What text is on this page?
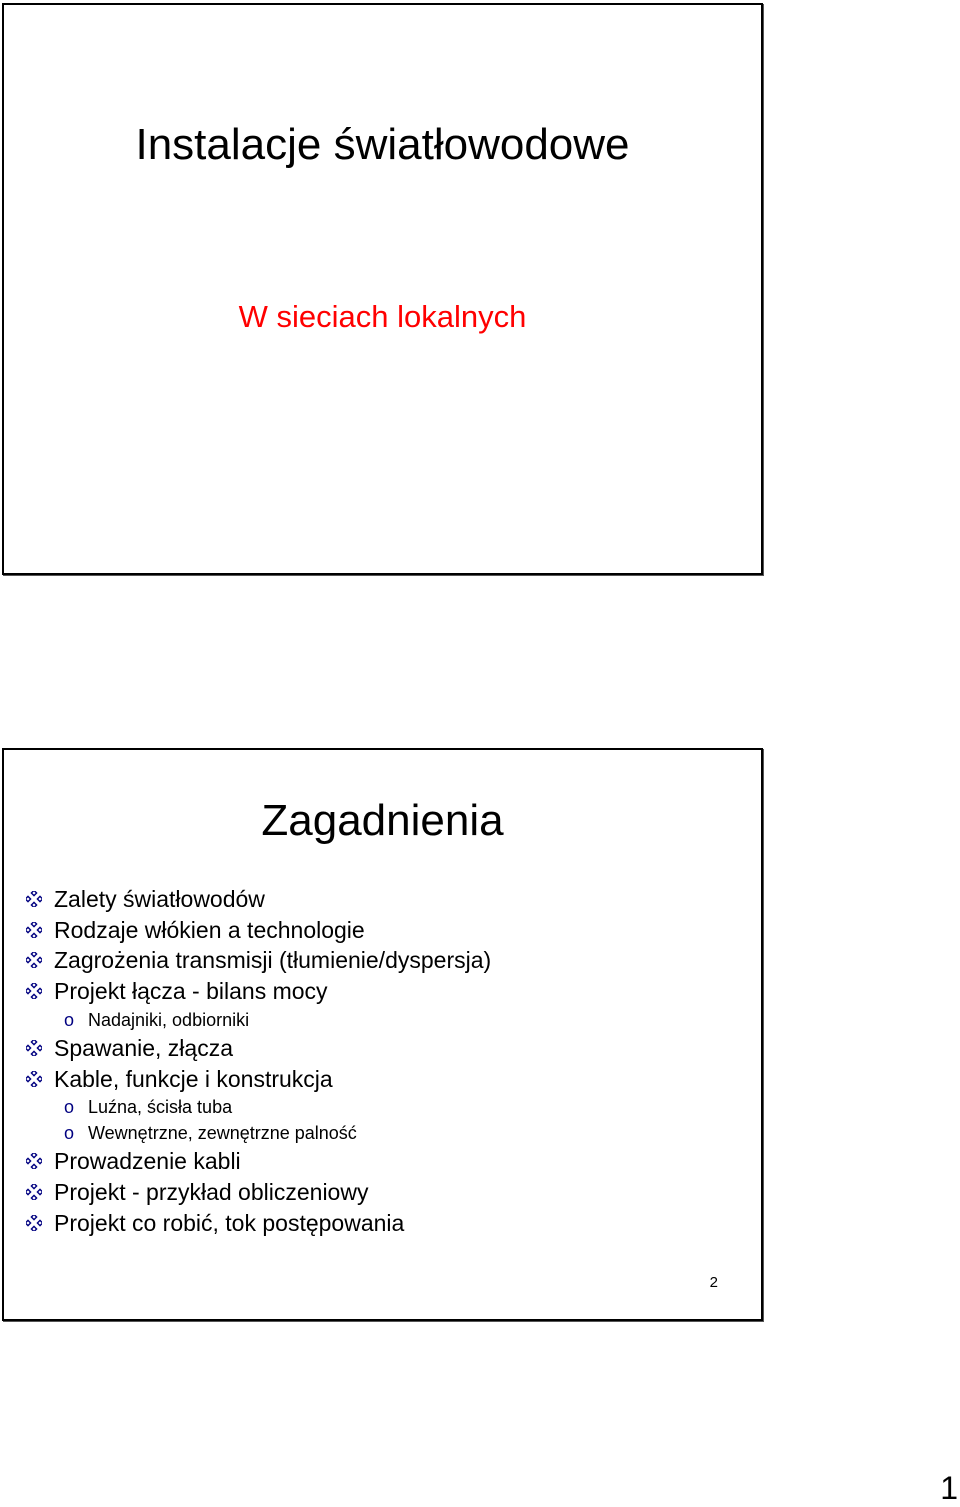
Instalacje światłowodowe
W sieciach lokalnych
Zagadnienia
Zalety światłowodów
Rodzaje włókien a technologie
Zagrożenia transmisji (tłumienie/dyspersja)
Projekt łącza - bilans mocy
o Nadajniki, odbiorniki
Spawanie, złącza
Kable, funkcje i konstrukcja
o Luźna, ścisła tuba
o Wewnętrzne, zewnętrzne palność
Prowadzenie kabli
Projekt - przykład obliczeniowy
Projekt co robić, tok postępowania
2
1
